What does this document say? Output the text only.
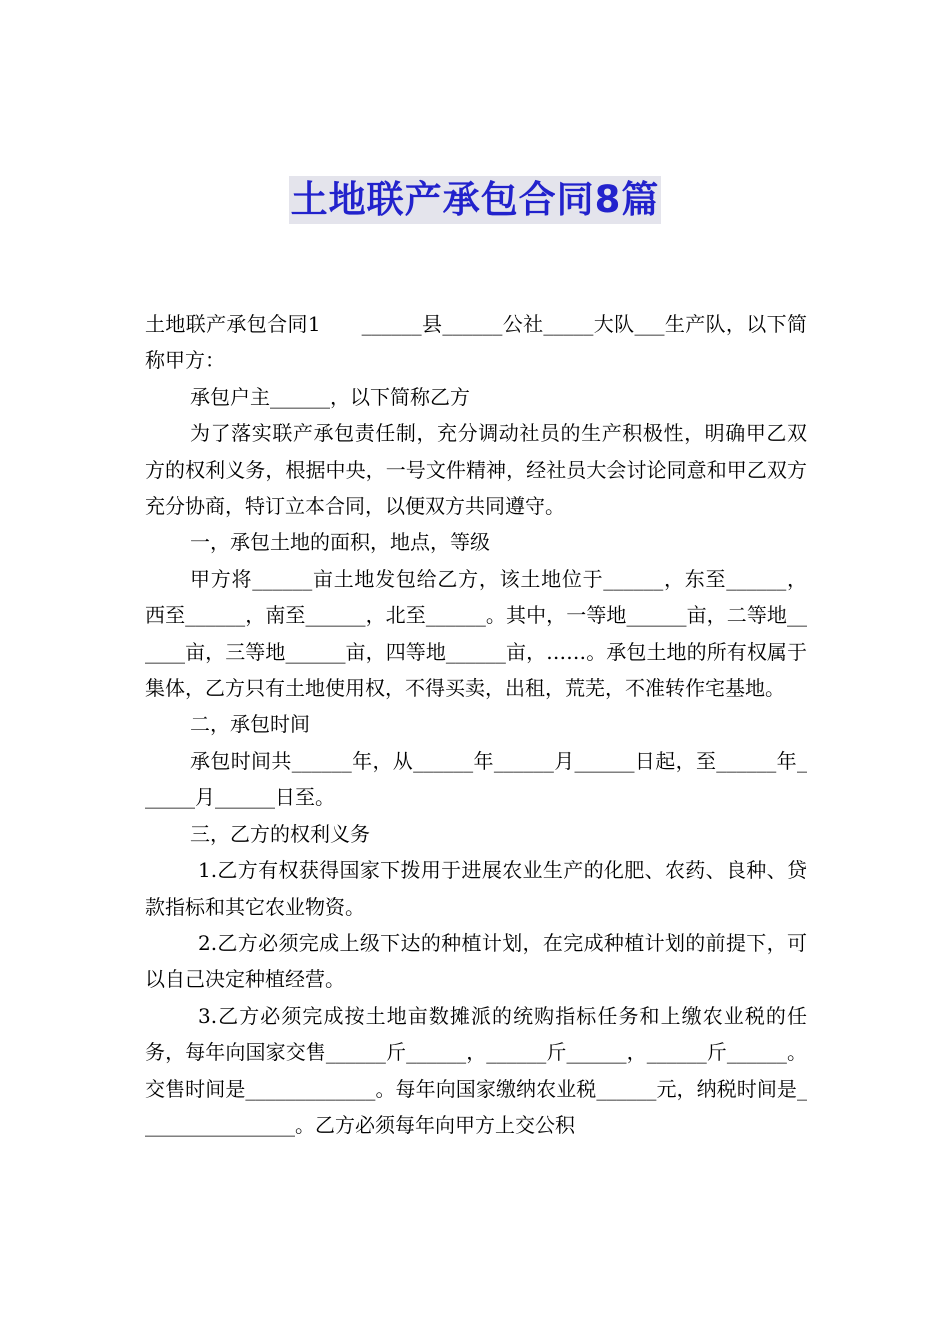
土地联产承包合同8篇

土地联产承包合同1　　______县______公社_____大队___生产队，以下简称甲方：

承包户主______，以下简称乙方

为了落实联产承包责任制，充分调动社员的生产积极性，明确甲乙双方的权利义务，根据中央，一号文件精神，经社员大会讨论同意和甲乙双方充分协商，特订立本合同，以便双方共同遵守。

一，承包土地的面积，地点，等级

甲方将______亩土地发包给乙方，该土地位于______，东至______，西至______，南至______，北至______。其中，一等地______亩，二等地______亩，三等地______亩，四等地______亩，……。承包土地的所有权属于集体，乙方只有土地使用权，不得买卖，出租，荒芜，不准转作宅基地。

二，承包时间

承包时间共______年，从______年______月______日起，至______年______月______日至。

三，乙方的权利义务

1.乙方有权获得国家下拨用于进展农业生产的化肥、农药、良种、贷款指标和其它农业物资。

2.乙方必须完成上级下达的种植计划，在完成种植计划的前提下，可以自己决定种植经营。

3.乙方必须完成按土地亩数摊派的统购指标任务和上缴农业税的任务，每年向国家交售______斤______，______斤______，______斤______。交售时间是_____________。每年向国家缴纳农业税______元，纳税时间是________________。乙方必须每年向甲方上交公积
